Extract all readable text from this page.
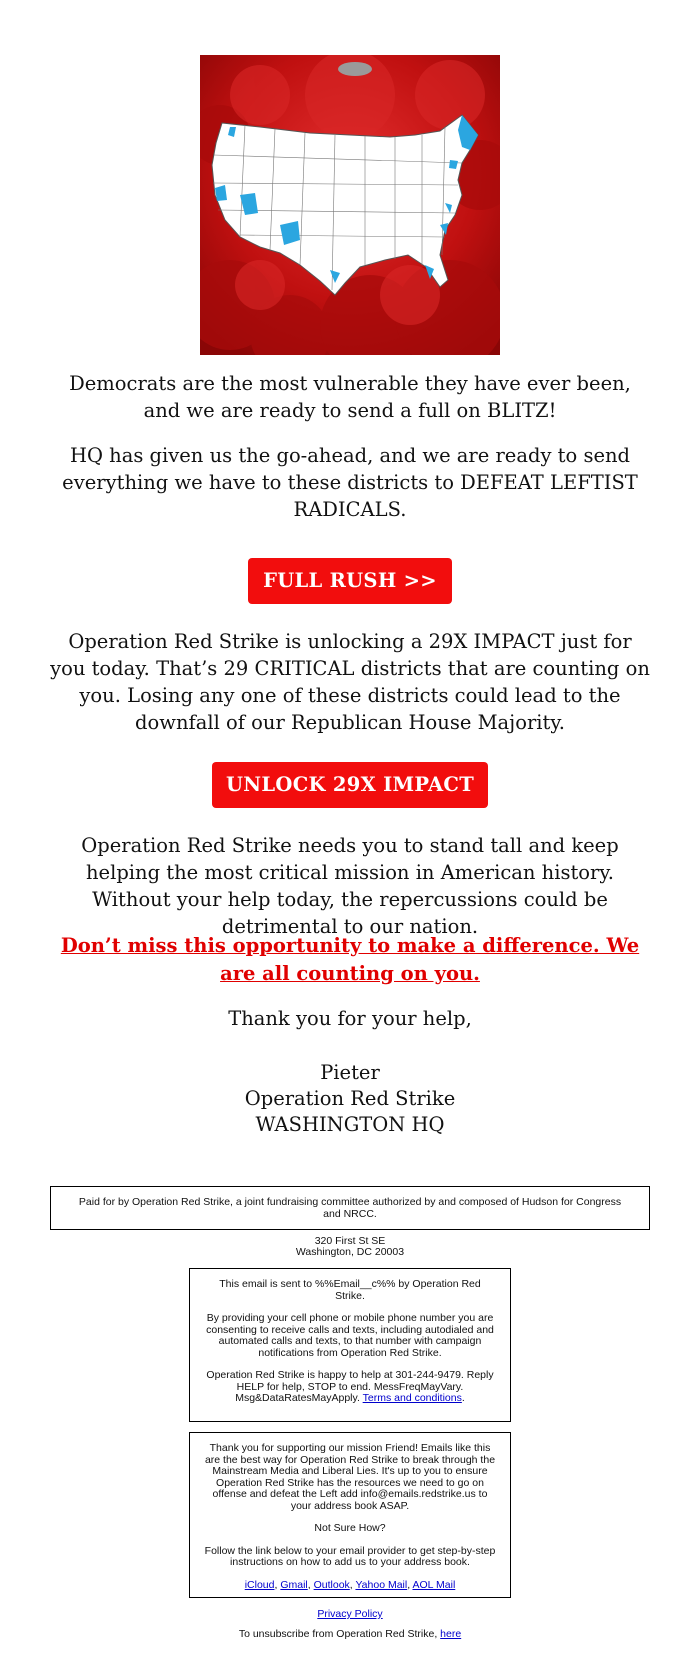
Democrats are the most vulnerable they have ever been, and we are ready to send a full on BLITZ!
HQ has given us the go-ahead, and we are ready to send everything we have to these districts to DEFEAT LEFTIST RADICALS.
FULL RUSH >>
Operation Red Strike is unlocking a 29X IMPACT just for you today. That’s 29 CRITICAL districts that are counting on you. Losing any one of these districts could lead to the downfall of our Republican House Majority.
UNLOCK 29X IMPACT
Operation Red Strike needs you to stand tall and keep helping the most critical mission in American history. Without your help today, the repercussions could be detrimental to our nation.
Don’t miss this opportunity to make a difference. We are all counting on you.
Thank you for your help,
Pieter
Operation Red Strike
WASHINGTON HQ
Paid for by Operation Red Strike, a joint fundraising committee authorized by and composed of Hudson for Congress and NRCC.
320 First St SE
Washington, DC 20003

This email is sent to %%Email__c%% by Operation Red Strike.

By providing your cell phone or mobile phone number you are consenting to receive calls and texts, including autodialed and automated calls and texts, to that number with campaign notifications from Operation Red Strike.

Operation Red Strike is happy to help at 301-244-9479. Reply HELP for help, STOP to end. MessFreqMayVary. Msg&DataRatesMayApply. Terms and conditions.

Thank you for supporting our mission Friend! Emails like this are the best way for Operation Red Strike to break through the Mainstream Media and Liberal Lies. It's up to you to ensure Operation Red Strike has the resources we need to go on offense and defeat the Left add info@emails.redstrike.us to your address book ASAP.

Not Sure How?

Follow the link below to your email provider to get step-by-step instructions on how to add us to your address book.

iCloud, Gmail, Outlook, Yahoo Mail, AOL Mail

Privacy Policy
To unsubscribe from Operation Red Strike, here
